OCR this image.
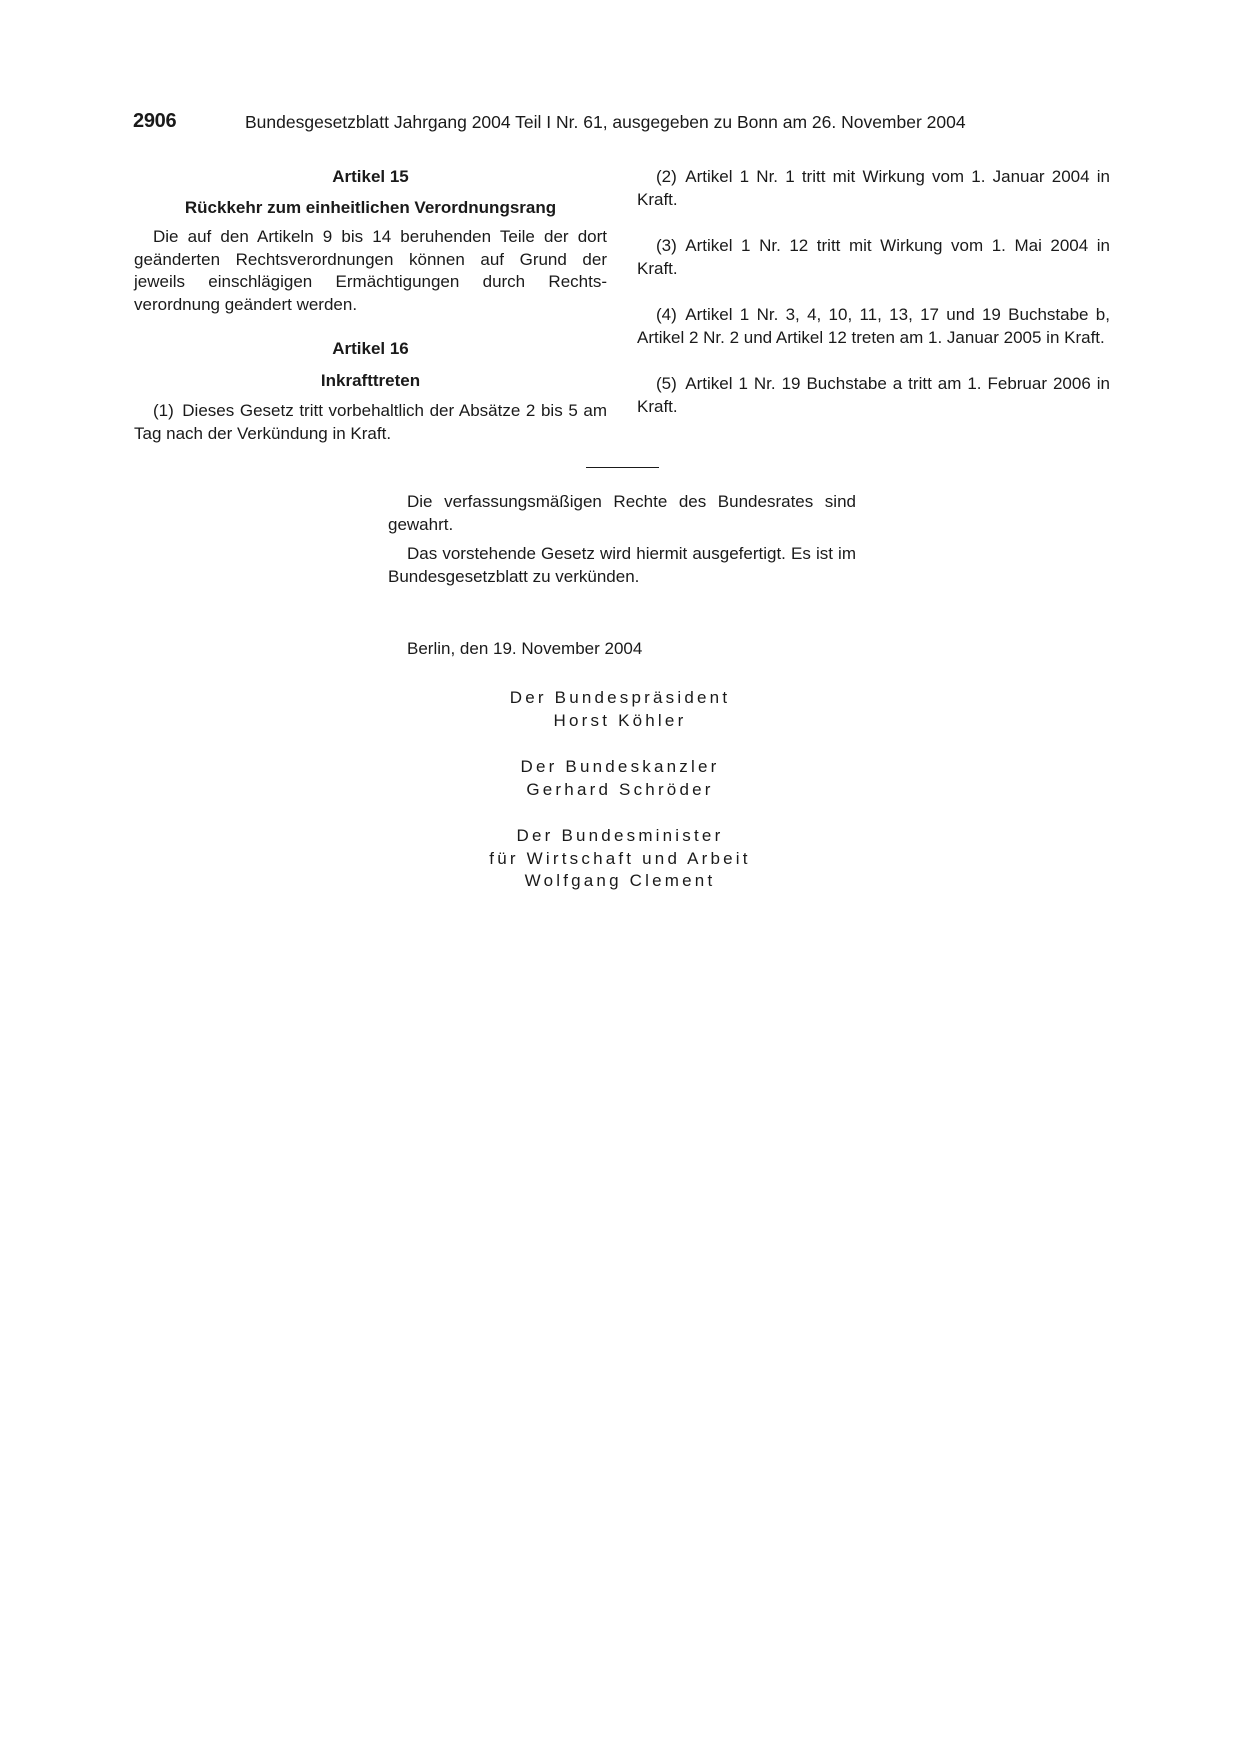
2906	Bundesgesetzblatt Jahrgang 2004 Teil I Nr. 61, ausgegeben zu Bonn am 26. November 2004

Artikel 15

Rückkehr zum einheitlichen Verordnungsrang

Die auf den Artikeln 9 bis 14 beruhenden Teile der dort geänderten Rechtsverordnungen können auf Grund der jeweils einschlägigen Ermächtigungen durch Rechtsverordnung geändert werden.

Artikel 16

Inkrafttreten

(1) Dieses Gesetz tritt vorbehaltlich der Absätze 2 bis 5 am Tag nach der Verkündung in Kraft.

(2) Artikel 1 Nr. 1 tritt mit Wirkung vom 1. Januar 2004 in Kraft.

(3) Artikel 1 Nr. 12 tritt mit Wirkung vom 1. Mai 2004 in Kraft.

(4) Artikel 1 Nr. 3, 4, 10, 11, 13, 17 und 19 Buchstabe b, Artikel 2 Nr. 2 und Artikel 12 treten am 1. Januar 2005 in Kraft.

(5) Artikel 1 Nr. 19 Buchstabe a tritt am 1. Februar 2006 in Kraft.

Die verfassungsmäßigen Rechte des Bundesrates sind gewahrt.

Das vorstehende Gesetz wird hiermit ausgefertigt. Es ist im Bundesgesetzblatt zu verkünden.

Berlin, den 19. November 2004
Der Bundespräsident
Horst Köhler
Der Bundeskanzler
Gerhard Schröder
Der Bundesminister
für Wirtschaft und Arbeit
Wolfgang Clement
